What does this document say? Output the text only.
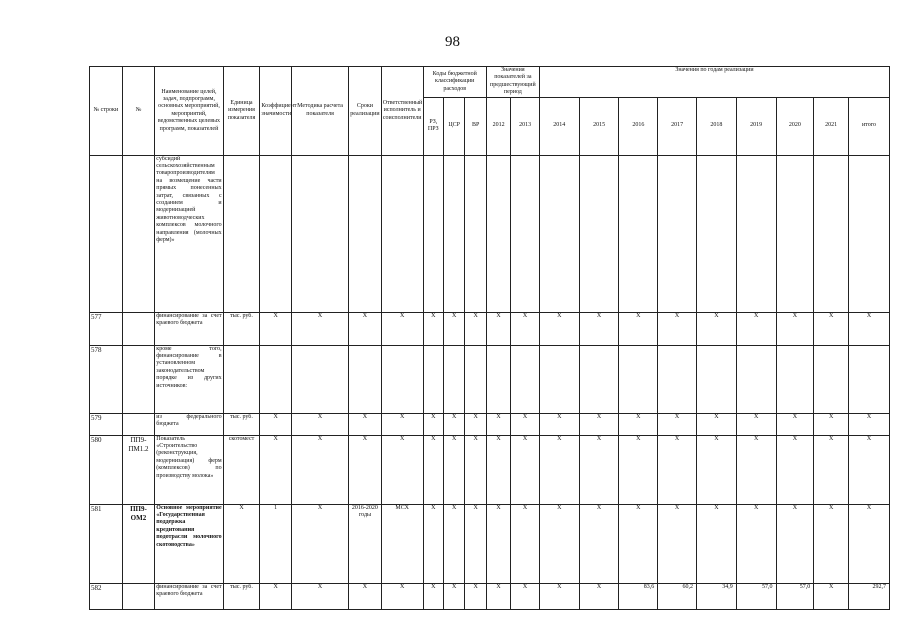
98
№ строки	№	Наименование целей, задач, подпрограмм, основных мероприятий, мероприятий, ведомственных целевых программ, показателей	Единица измерения показателя	Коэффициент значимости	Методика расчета показателя	Сроки реализации	Ответственный исполнитель и соисполнители	Коды бюджетной классификации расходов			Значения показателей за предшествующий период		Значения по годам реализации								
								РЗ, ПРЗ	ЦСР	ВР	2012	2013	2014	2015	2016	2017	2018	2019	2020	2021	итого
		субсидий сельскохозяйственным товаропроизводителям на возмещение части прямых понесенных затрат, связанных с созданием и модернизацией животноводческих комплексов молочного направления (молочных ферм)»																			
577		финансирование за счет краевого бюджета	тыс. руб.	Х	Х	Х	Х	Х	Х	Х	Х	Х	Х	Х	Х	Х	Х	Х	Х	Х	Х
578		кроме того, финансирование в установленном законодательством порядке из других источников:																			
579		из федерального бюджета	тыс. руб.	Х	Х	Х	Х	Х	Х	Х	Х	Х	Х	Х	Х	Х	Х	Х	Х	Х	Х
580	ПП9-ПМ1.2	Показатель «Строительство (реконструкция, модернизация) ферм (комплексов) по производству молока»	скотомест	Х	Х	Х	Х	Х	Х	Х	Х	Х	Х	Х	Х	Х	Х	Х	Х	Х	Х
581	ПП9-ОМ2	Основное мероприятие «Государственная поддержка кредитования подотрасли молочного скотоводства»	Х	1	Х	2016-2020 годы	МСХ	Х	Х	Х	Х	Х	Х	Х	Х	Х	Х	Х	Х	Х	Х
582		финансирование за счет краевого бюджета	тыс. руб.	Х	Х	Х	Х	Х	Х	Х	Х	Х	Х	Х	83,6	60,2	34,9	57,0	57,0	Х	292,7
